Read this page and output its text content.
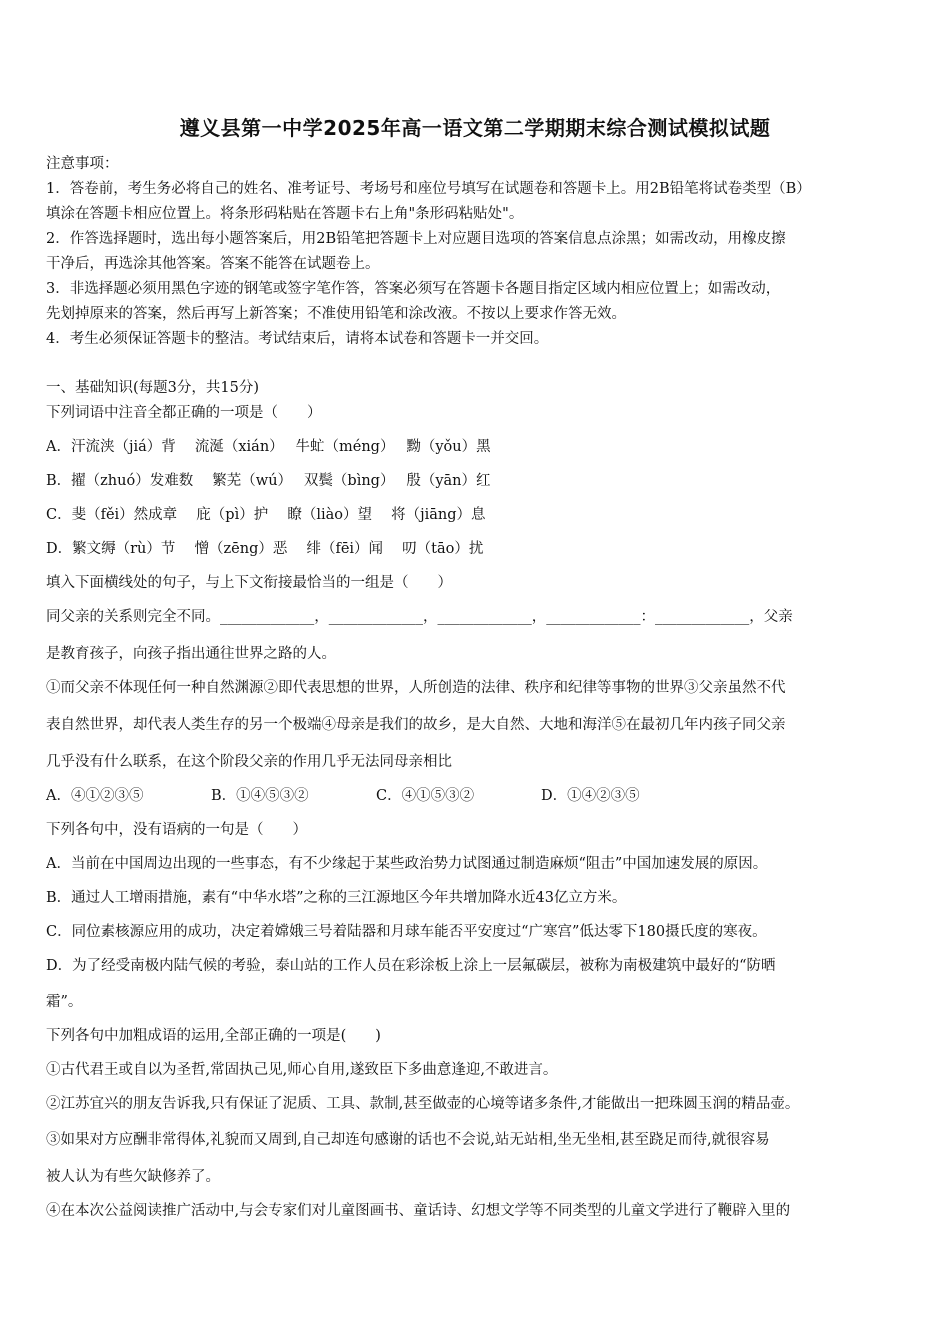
遵义县第一中学2025年高一语文第二学期期末综合测试模拟试题
注意事项：
1．答卷前，考生务必将自己的姓名、准考证号、考场号和座位号填写在试题卷和答题卡上。用2B铅笔将试卷类型（B）
填涂在答题卡相应位置上。将条形码粘贴在答题卡右上角"条形码粘贴处"。
2．作答选择题时，选出每小题答案后，用2B铅笔把答题卡上对应题目选项的答案信息点涂黑；如需改动，用橡皮擦
干净后，再选涂其他答案。答案不能答在试题卷上。
3．非选择题必须用黑色字迹的钢笔或签字笔作答，答案必须写在答题卡各题目指定区域内相应位置上；如需改动，
先划掉原来的答案，然后再写上新答案；不准使用铅笔和涂改液。不按以上要求作答无效。
4．考生必须保证答题卡的整洁。考试结束后，请将本试卷和答题卡一并交回。
一、基础知识(每题3分，共15分)
下列词语中注音全都正确的一项是（　　）
A．汗流浃（jiá）背　 流涎（xián）　 牛虻（méng）　 黝（yǒu）黑
B．擢（zhuó）发难数　 繁芜（wú）　 双鬓（bìng）　 殷（yān）红
C．斐（fěi）然成章　 庇（pì）护　 瞭（liào）望　 将（jiāng）息
D．繁文缛（rù）节　 憎（zēng）恶　 绯（fēi）闻　 叨（tāo）扰
填入下面横线处的句子，与上下文衔接最恰当的一组是（　　）
同父亲的关系则完全不同。_____________，_____________，_____________，_____________：_____________，父亲
是教育孩子，向孩子指出通往世界之路的人。
①而父亲不体现任何一种自然渊源②即代表思想的世界，人所创造的法律、秩序和纪律等事物的世界③父亲虽然不代
表自然世界，却代表人类生存的另一个极端④母亲是我们的故乡，是大自然、大地和海洋⑤在最初几年内孩子同父亲
几乎没有什么联系，在这个阶段父亲的作用几乎无法同母亲相比
A．④①②③⑤	B．①④⑤③②	C．④①⑤③②	D．①④②③⑤
下列各句中，没有语病的一句是（　　）
A．当前在中国周边出现的一些事态，有不少缘起于某些政治势力试图通过制造麻烦“阻击”中国加速发展的原因。
B．通过人工增雨措施，素有“中华水塔”之称的三江源地区今年共增加降水近43亿立方米。
C．同位素核源应用的成功，决定着嫦娥三号着陆器和月球车能否平安度过“广寒宫”低达零下180摄氏度的寒夜。
D．为了经受南极内陆气候的考验，泰山站的工作人员在彩涂板上涂上一层氟碳层，被称为南极建筑中最好的“防晒
霜”。
下列各句中加粗成语的运用,全部正确的一项是(　　)
①古代君王或自以为圣哲,常固执己见,师心自用,遂致臣下多曲意逢迎,不敢进言。
②江苏宜兴的朋友告诉我,只有保证了泥质、工具、款制,甚至做壶的心境等诸多条件,才能做出一把珠圆玉润的精品壶。
③如果对方应酬非常得体,礼貌而又周到,自己却连句感谢的话也不会说,站无站相,坐无坐相,甚至跷足而待,就很容易
被人认为有些欠缺修养了。
④在本次公益阅读推广活动中,与会专家们对儿童图画书、童话诗、幻想文学等不同类型的儿童文学进行了鞭辟入里的
